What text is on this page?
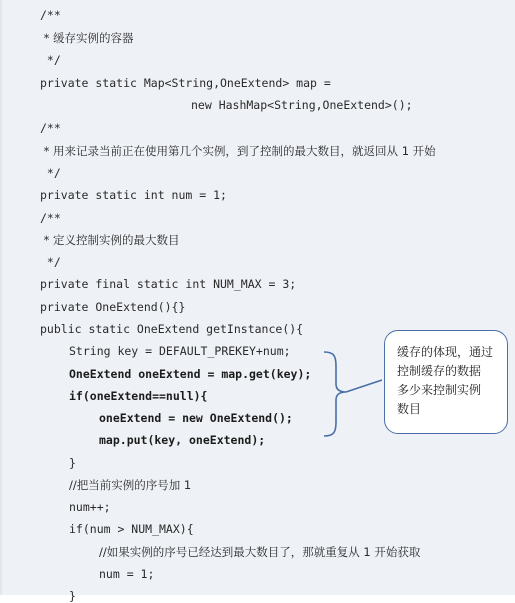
/**
* 缓存实例的容器
*/
private static Map<String,OneExtend> map =
new HashMap<String,OneExtend>();
/**
* 用来记录当前正在使用第几个实例，到了控制的最大数目，就返回从 1 开始
*/
private static int num = 1;
/**
* 定义控制实例的最大数目
*/
private final static int NUM_MAX = 3;
private OneExtend(){}
public static OneExtend getInstance(){
String key = DEFAULT_PREKEY+num;
OneExtend oneExtend = map.get(key);
if(oneExtend==null){
oneExtend = new OneExtend();
map.put(key, oneExtend);
}
//把当前实例的序号加 1
num++;
if(num > NUM_MAX){
//如果实例的序号已经达到最大数目了，那就重复从 1 开始获取
num = 1;
}
缓存的体现，通过
控制缓存的数据
多少来控制实例
数目
